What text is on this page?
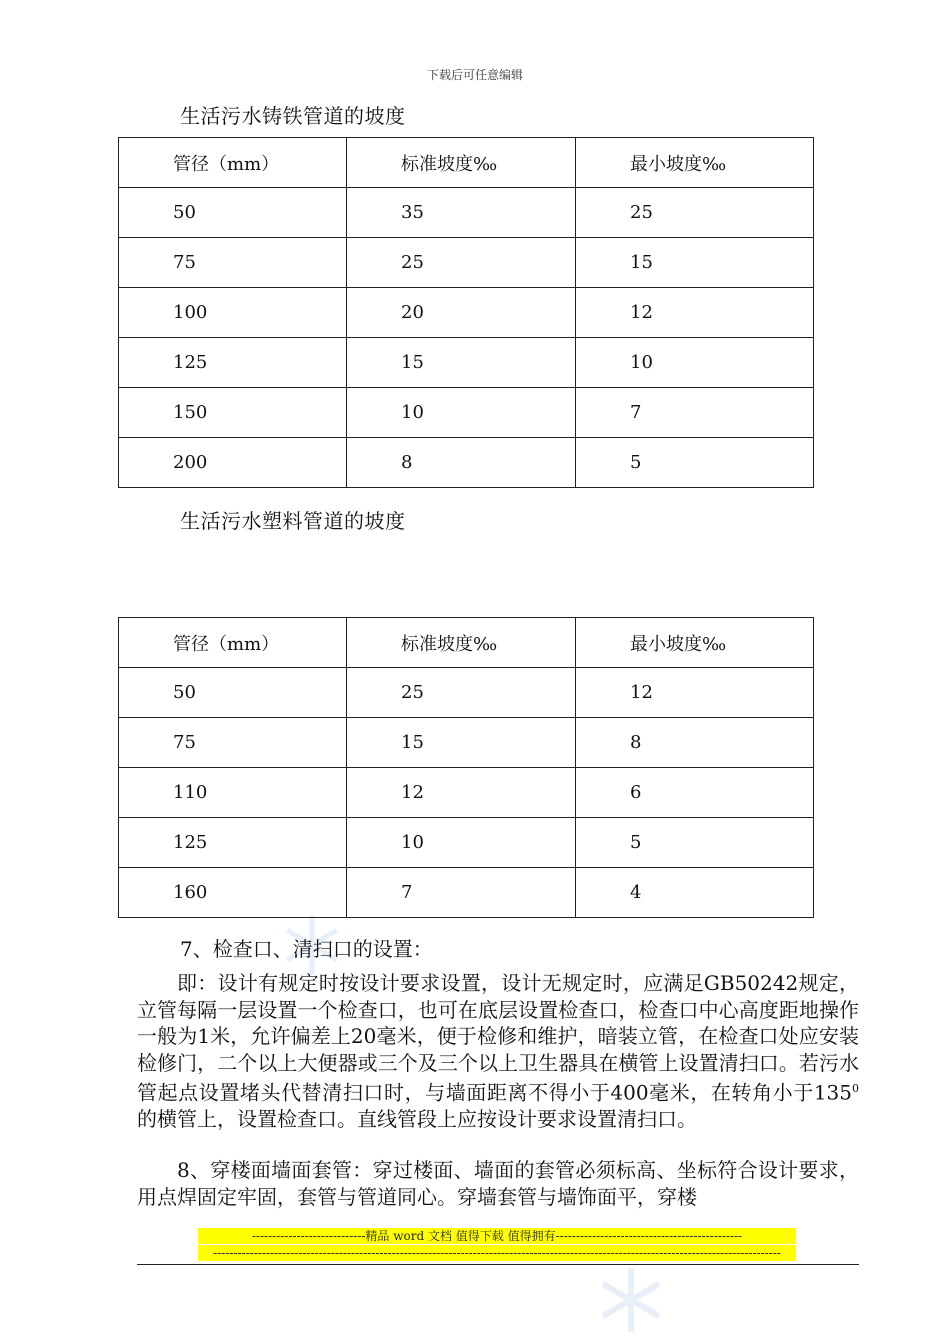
下载后可任意编辑
生活污水铸铁管道的坡度
管径（mm）	标准坡度‰	最小坡度‰
50	35	25
75	25	15
100	20	12
125	15	10
150	10	7
200	8	5
生活污水塑料管道的坡度
管径（mm）	标准坡度‰	最小坡度‰
50	25	12
75	15	8
110	12	6
125	10	5
160	7	4
7、检查口、清扫口的设置：
即：设计有规定时按设计要求设置，设计无规定时，应满足GB50242规定，立管每隔一层设置一个检查口，也可在底层设置检查口，检查口中心高度距地操作一般为1米，允许偏差上20毫米，便于检修和维护，暗装立管，在检查口处应安装检修门，二个以上大便器或三个及三个以上卫生器具在横管上设置清扫口。若污水管起点设置堵头代替清扫口时，与墙面距离不得小于400毫米，在转角小于$135^0$的横管上，设置检查口。直线管段上应按设计要求设置清扫口。
8、穿楼面墙面套管：穿过楼面、墙面的套管必须标高、坐标符合设计要求，用点焊固定牢固，套管与管道同心。穿墙套管与墙饰面平，穿楼
----------------------------精品 word 文档 值得下载 值得拥有----------------------------------------------
--------------------------------------------------------------------------------------------------------------------------------------------
